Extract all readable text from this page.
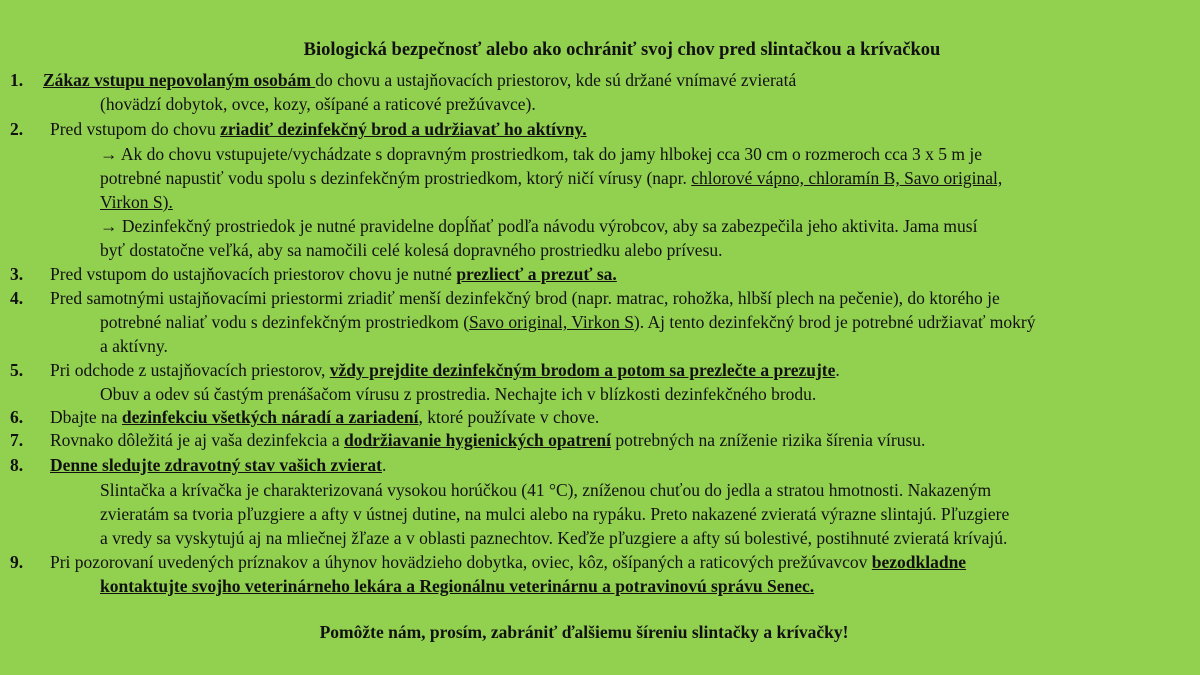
Biologická bezpečnosť alebo ako ochrániť svoj chov pred slintačkou a krívačkou
1. Zákaz vstupu nepovolaným osobám do chovu a ustajňovacích priestorov, kde sú držané vnímavé zvieratá
(hovädzí dobytok, ovce, kozy, ošípané a raticové prežúvavce).
2. Pred vstupom do chovu zriadiť dezinfekčný brod a udržiavať ho aktívny.
→ Ak do chovu vstupujete/vychádzate s dopravným prostriedkom, tak do jamy hlbokej cca 30 cm o rozmeroch cca 3 x 5 m je
potrebné napustiť vodu spolu s dezinfekčným prostriedkom, ktorý ničí vírusy (napr. chlorové vápno, chloramín B, Savo original,
Virkon S).
→ Dezinfekčný prostriedok je nutné pravidelne dopĺňať podľa návodu výrobcov, aby sa zabezpečila jeho aktivita. Jama musí
byť dostatočne veľká, aby sa namočili celé kolesá dopravného prostriedku alebo prívesu.
3. Pred vstupom do ustajňovacích priestorov chovu je nutné prezliecť a prezuť sa.
4. Pred samotnými ustajňovacími priestormi zriadiť menší dezinfekčný brod (napr. matrac, rohožka, hlbší plech na pečenie), do ktorého je
potrebné naliať vodu s dezinfekčným prostriedkom (Savo original, Virkon S). Aj tento dezinfekčný brod je potrebné udržiavať mokrý
a aktívny.
5. Pri odchode z ustajňovacích priestorov, vždy prejdite dezinfekčným brodom a potom sa prezlečte a prezujte.
Obuv a odev sú častým prenášačom vírusu z prostredia. Nechajte ich v blízkosti dezinfekčného brodu.
6. Dbajte na dezinfekciu všetkých náradí a zariadení, ktoré používate v chove.
7. Rovnako dôležitá je aj vaša dezinfekcia a dodržiavanie hygienických opatrení potrebných na zníženie rizika šírenia vírusu.
8. Denne sledujte zdravotný stav vašich zvierat.
Slintačka a krívačka je charakterizovaná vysokou horúčkou (41 °C), zníženou chuťou do jedla a stratou hmotnosti. Nakazeným
zvieratám sa tvoria pľuzgiere a afty v ústnej dutine, na mulci alebo na rypáku. Preto nakazené zvieratá výrazne slintajú. Pľuzgiere
a vredy sa vyskytujú aj na mliečnej žľaze a v oblasti paznechtov. Keďže pľuzgiere a afty sú bolestivé, postihnuté zvieratá krívajú.
9. Pri pozorovaní uvedených príznakov a úhynov hovädzieho dobytka, oviec, kôz, ošípaných a raticových prežúvavcov bezodkladne
kontaktujte svojho veterinárneho lekára a Regionálnu veterinárnu a potravinovú správu Senec.
Pomôžte nám, prosím, zabrániť ďalšiemu šíreniu slintačky a krívačky!
